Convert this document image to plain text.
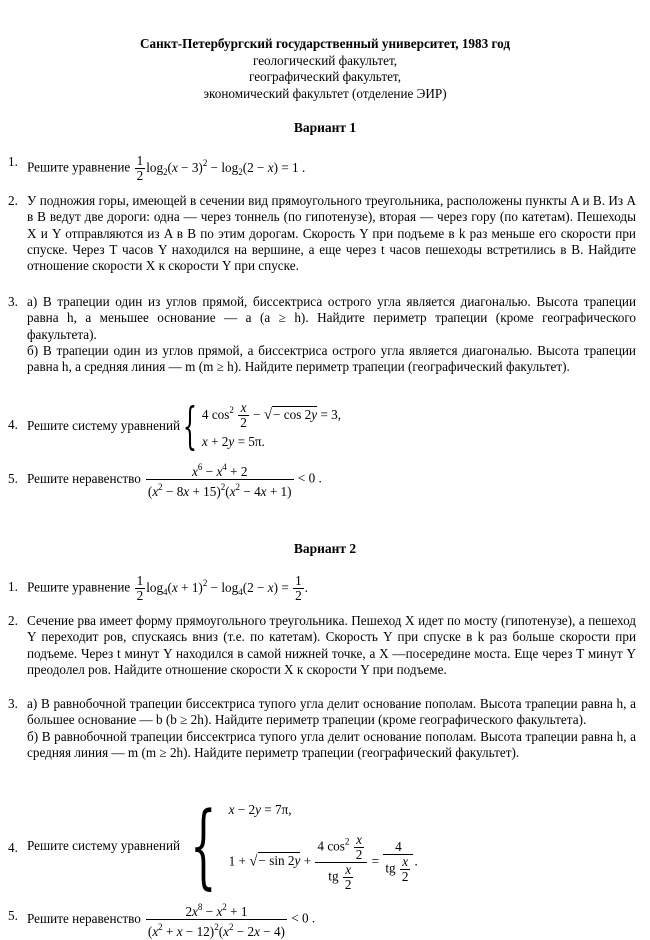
Санкт-Петербургский государственный университет, 1983 год
геологический факультет,
географический факультет,
экономический факультет (отделение ЭИР)
Вариант 1
1. Решите уравнение $\frac{1}{2} \log_2(x - 3)^2 - \log_2(2 - x) = 1$ .
2. У подножия горы, имеющей в сечении вид прямоугольного треугольника, расположены пункты A и B. Из A в B ведут две дороги: одна — через тоннель (по гипотенузе), вторая — через гору (по катетам). Пешеходы X и Y отправляются из A в B по этим дорогам. Скорость Y при подъеме в k раз меньше его скорости при спуске. Через T часов Y находился на вершине, а еще через t часов пешеходы встретились в B. Найдите отношение скорости X к скорости Y при спуске.
3. а) В трапеции один из углов прямой, биссектриса острого угла является диагональю. Высота трапеции равна h, а меньшее основание — a (a ≥ h). Найдите периметр трапеции (кроме географического факультета).
б) В трапеции один из углов прямой, а биссектриса острого угла является диагональю. Высота трапеции равна h, а средняя линия — m (m ≥ h). Найдите периметр трапеции (географический факультет).
4. Решите систему уравнений { 4 $\cos^2 \frac{x}{2}$ − √− cos 2y = 3,
x + 2y = 5π.
5. Решите неравенство $\frac{x^6 - x^4 + 2}{(x^2 - 8x + 15)^2(x^2 - 4x + 1)} < 0$ .
Вариант 2
1. Решите уравнение $\frac{1}{2} \log_4(x + 1)^2 - \log_4(2 - x) = \frac{1}{2}$ .
2. Сечение рва имеет форму прямоугольного треугольника. Пешеход X идет по мосту (гипотенузе), а пешеход Y переходит ров, спускаясь вниз (т.е. по катетам). Скорость Y при спуске в k раз больше скорости при подъеме. Через t минут Y находился в самой нижней точке, а X —посередине моста. Еще через T минут Y преодолел ров. Найдите отношение скорости X к скорости Y при подъеме.
3. а) В равнобочной трапеции биссектриса тупого угла делит основание пополам. Высота трапеции равна h, а большее основание — b (b ≥ 2h). Найдите периметр трапеции (кроме географического факультета).
б) В равнобочной трапеции биссектриса тупого угла делит основание пополам. Высота трапеции равна h, а средняя линия — m (m ≥ 2h). Найдите периметр трапеции (географический факультет).
4. Решите систему уравнений { x − 2y = 7π,
1 + √− $\sin 2y + \frac{4 \cos^2 \frac{x}{2}}{tg \frac{x}{2}} = \frac{4}{tg \frac{x}{2}}$ .
5. Решите неравенство $\frac{2x^8 - x^2 + 1}{(x^2 + x - 12)^2(x^2 - 2x - 4)} < 0$ .
